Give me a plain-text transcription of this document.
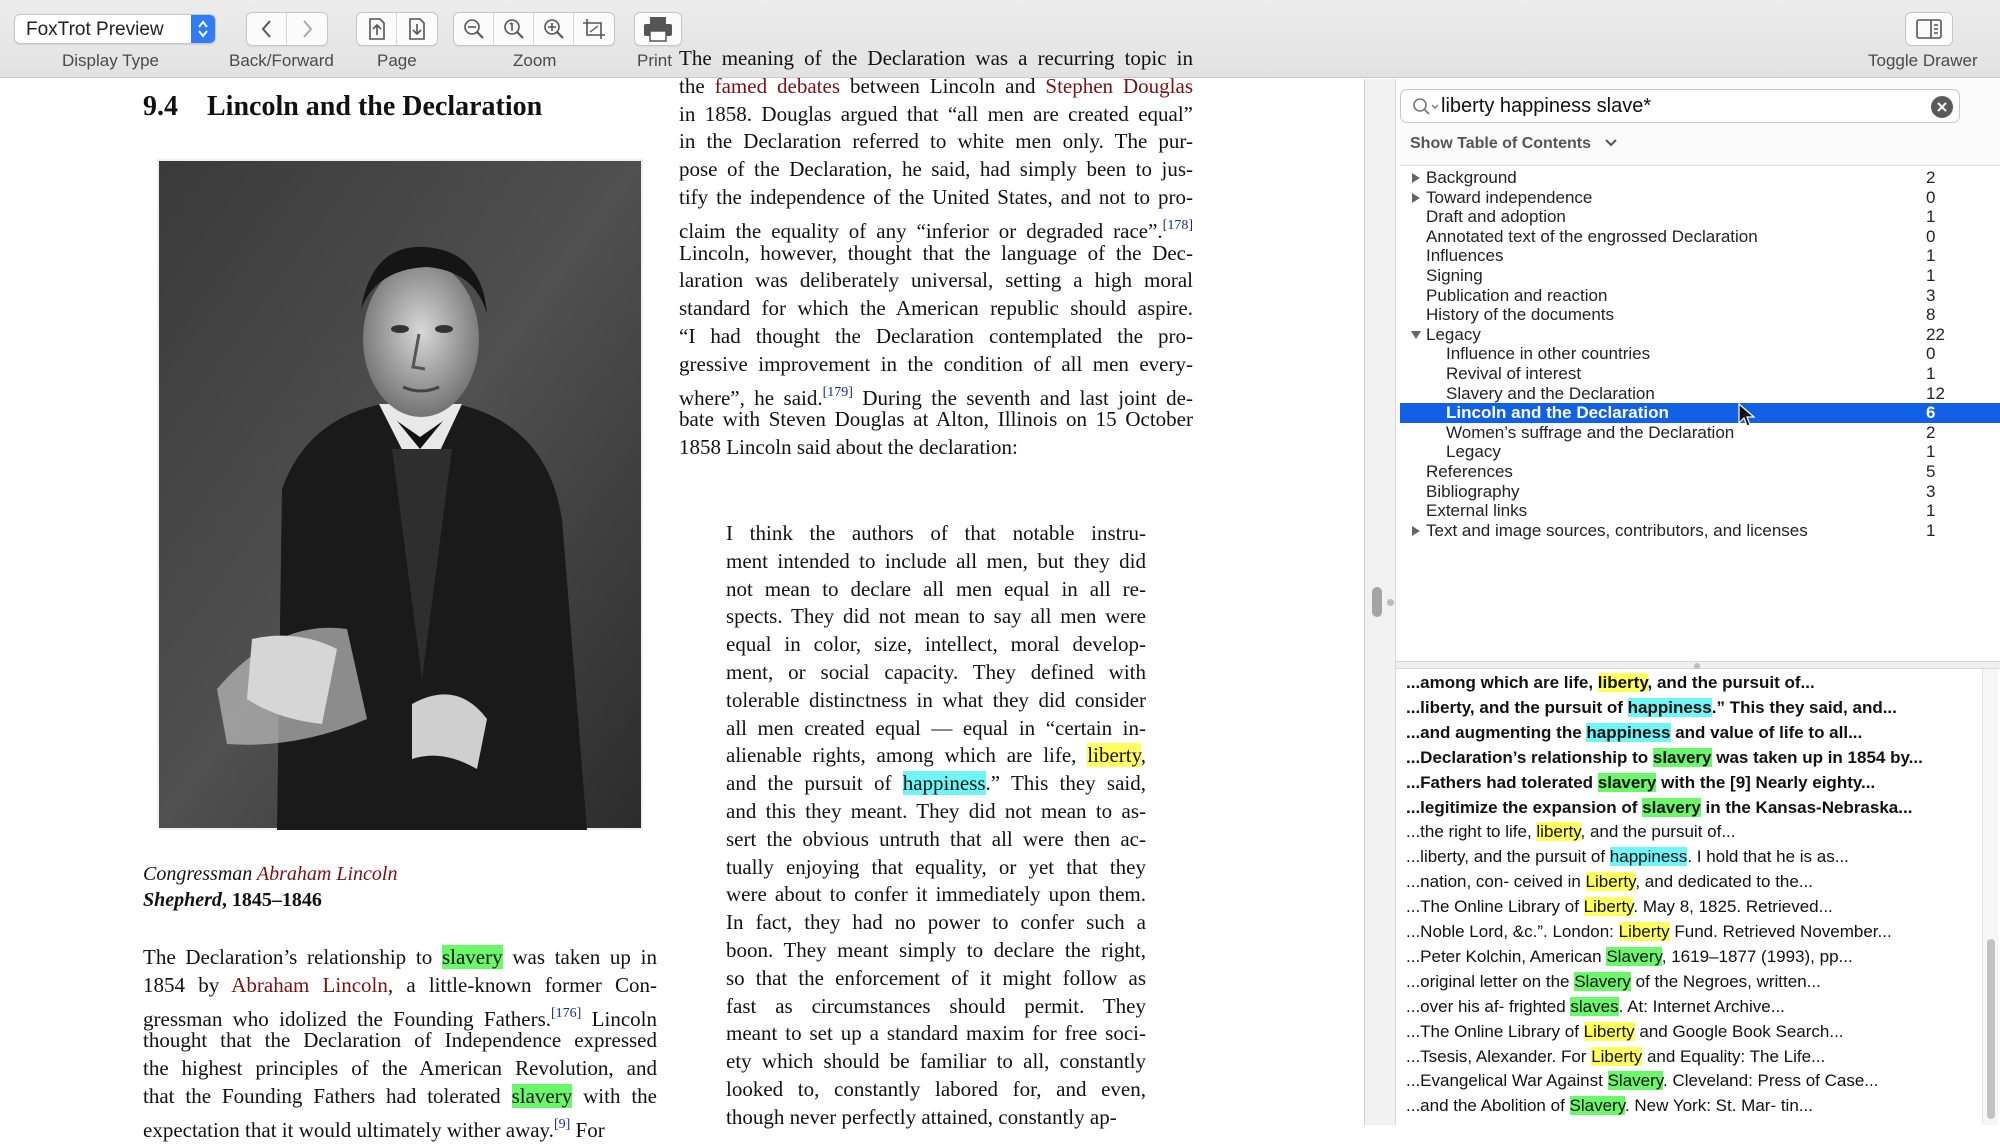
FoxTrot Preview
Display Type	Back/Forward	Page	Zoom	Print	Toggle Drawer
9.4 Lincoln and the Declaration
Congressman Abraham Lincoln
Shepherd, 1845–1846
The Declaration’s relationship to slavery was taken up in
1854 by Abraham Lincoln, a little-known former Con-
gressman who idolized the Founding Fathers.[176] Lincoln
thought that the Declaration of Independence expressed
the highest principles of the American Revolution, and
that the Founding Fathers had tolerated slavery with the
expectation that it would ultimately wither away.[9] For
The meaning of the Declaration was a recurring topic in
the famed debates between Lincoln and Stephen Douglas
in 1858. Douglas argued that “all men are created equal”
in the Declaration referred to white men only. The pur-
pose of the Declaration, he said, had simply been to jus-
tify the independence of the United States, and not to pro-
claim the equality of any “inferior or degraded race”.[178]
Lincoln, however, thought that the language of the Dec-
laration was deliberately universal, setting a high moral
standard for which the American republic should aspire.
“I had thought the Declaration contemplated the pro-
gressive improvement in the condition of all men every-
where”, he said.[179] During the seventh and last joint de-
bate with Steven Douglas at Alton, Illinois on 15 October
1858 Lincoln said about the declaration:
I think the authors of that notable instru-
ment intended to include all men, but they did
not mean to declare all men equal in all re-
spects. They did not mean to say all men were
equal in color, size, intellect, moral develop-
ment, or social capacity. They defined with
tolerable distinctness in what they did consider
all men created equal — equal in “certain in-
alienable rights, among which are life, liberty,
and the pursuit of happiness.” This they said,
and this they meant. They did not mean to as-
sert the obvious untruth that all were then ac-
tually enjoying that equality, or yet that they
were about to confer it immediately upon them.
In fact, they had no power to confer such a
boon. They meant simply to declare the right,
so that the enforcement of it might follow as
fast as circumstances should permit. They
meant to set up a standard maxim for free soci-
ety which should be familiar to all, constantly
looked to, constantly labored for, and even,
though never perfectly attained, constantly ap-
liberty happiness slave*
Show Table of Contents
Background	2
Toward independence	0
Draft and adoption	1
Annotated text of the engrossed Declaration	0
Influences	1
Signing	1
Publication and reaction	3
History of the documents	8
Legacy	22
Influence in other countries	0
Revival of interest	1
Slavery and the Declaration	12
Lincoln and the Declaration	6
Women’s suffrage and the Declaration	2
Legacy	1
References	5
Bibliography	3
External links	1
Text and image sources, contributors, and licenses	1
...and the Abolition of Slavery. New York: St. Mar- tin...
...Evangelical War Against Slavery. Cleveland: Press of Case...
...Tsesis, Alexander. For Liberty and Equality: The Life...
...The Online Library of Liberty and Google Book Search...
...over his af- frighted slaves. At: Internet Archive...
...original letter on the Slavery of the Negroes, written...
...Peter Kolchin, American Slavery, 1619–1877 (1993), pp...
...Noble Lord, &c.”. London: Liberty Fund. Retrieved November...
...The Online Library of Liberty. May 8, 1825. Retrieved...
...nation, con- ceived in Liberty, and dedicated to the...
...liberty, and the pursuit of happiness. I hold that he is as...
...the right to life, liberty, and the pursuit of...
...legitimize the expansion of slavery in the Kansas-Nebraska...
...Fathers had tolerated slavery with the [9] Nearly eighty...
...Declaration’s relationship to slavery was taken up in 1854 by...
...and augmenting the happiness and value of life to all...
...liberty, and the pursuit of happiness.” This they said, and...
...among which are life, liberty, and the pursuit of...
